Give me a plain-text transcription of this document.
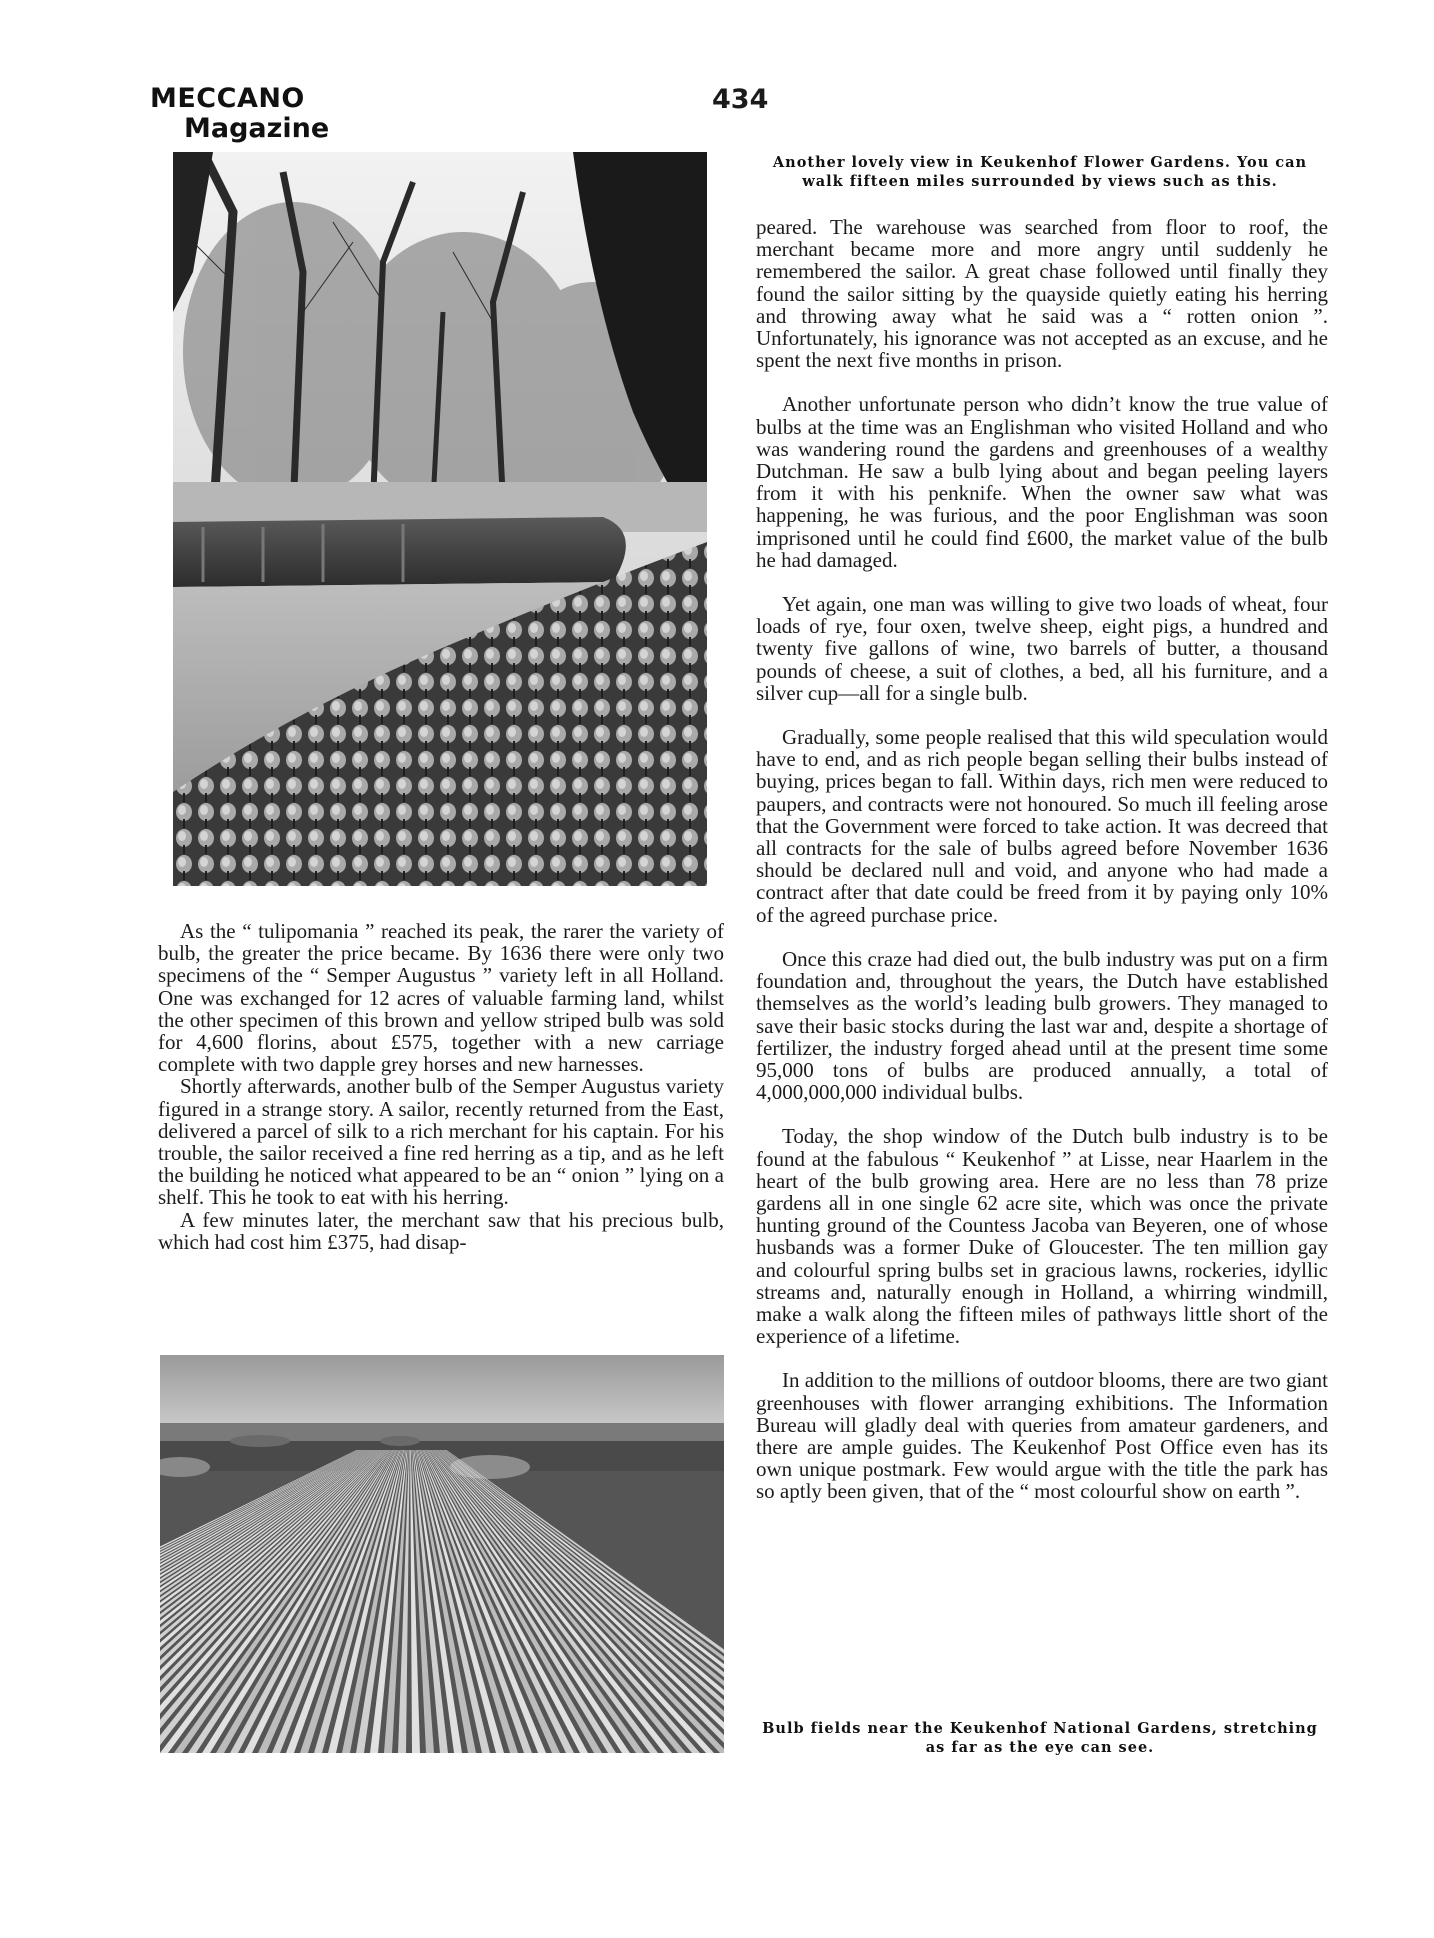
MECCANO
Magazine
434
Another lovely view in Keukenhof Flower Gardens. You can walk fifteen miles surrounded by views such as this.

As the “ tulipomania ” reached its peak, the rarer the variety of bulb, the greater the price became. By 1636 there were only two specimens of the “ Semper Augustus ” variety left in all Holland. One was exchanged for 12 acres of valuable farming land, whilst the other specimen of this brown and yellow striped bulb was sold for 4,600 florins, about £575, together with a new carriage complete with two dapple grey horses and new harnesses.

Shortly afterwards, another bulb of the Semper Augustus variety figured in a strange story. A sailor, recently returned from the East, delivered a parcel of silk to a rich merchant for his captain. For his trouble, the sailor received a fine red herring as a tip, and as he left the building he noticed what appeared to be an “ onion ” lying on a shelf. This he took to eat with his herring.

A few minutes later, the merchant saw that his precious bulb, which had cost him £375, had disap-

peared. The warehouse was searched from floor to roof, the merchant became more and more angry until suddenly he remembered the sailor. A great chase followed until finally they found the sailor sitting by the quayside quietly eating his herring and throwing away what he said was a “ rotten onion ”. Unfortunately, his ignorance was not accepted as an excuse, and he spent the next five months in prison.

Another unfortunate person who didn’t know the true value of bulbs at the time was an Englishman who visited Holland and who was wandering round the gardens and greenhouses of a wealthy Dutchman. He saw a bulb lying about and began peeling layers from it with his penknife. When the owner saw what was happening, he was furious, and the poor Englishman was soon imprisoned until he could find £600, the market value of the bulb he had damaged.

Yet again, one man was willing to give two loads of wheat, four loads of rye, four oxen, twelve sheep, eight pigs, a hundred and twenty five gallons of wine, two barrels of butter, a thousand pounds of cheese, a suit of clothes, a bed, all his furniture, and a silver cup—all for a single bulb.

Gradually, some people realised that this wild speculation would have to end, and as rich people began selling their bulbs instead of buying, prices began to fall. Within days, rich men were reduced to paupers, and contracts were not honoured. So much ill feeling arose that the Government were forced to take action. It was decreed that all contracts for the sale of bulbs agreed before November 1636 should be declared null and void, and anyone who had made a contract after that date could be freed from it by paying only 10% of the agreed purchase price.

Once this craze had died out, the bulb industry was put on a firm foundation and, throughout the years, the Dutch have established themselves as the world’s leading bulb growers. They managed to save their basic stocks during the last war and, despite a shortage of fertilizer, the industry forged ahead until at the present time some 95,000 tons of bulbs are produced annually, a total of 4,000,000,000 individual bulbs.

Today, the shop window of the Dutch bulb industry is to be found at the fabulous “ Keukenhof ” at Lisse, near Haarlem in the heart of the bulb growing area. Here are no less than 78 prize gardens all in one single 62 acre site, which was once the private hunting ground of the Countess Jacoba van Beyeren, one of whose husbands was a former Duke of Gloucester. The ten million gay and colourful spring bulbs set in gracious lawns, rockeries, idyllic streams and, naturally enough in Holland, a whirring windmill, make a walk along the fifteen miles of pathways little short of the experience of a lifetime.

In addition to the millions of outdoor blooms, there are two giant greenhouses with flower arranging exhibitions. The Information Bureau will gladly deal with queries from amateur gardeners, and there are ample guides. The Keukenhof Post Office even has its own unique postmark. Few would argue with the title the park has so aptly been given, that of the “ most colourful show on earth ”.

Bulb fields near the Keukenhof National Gardens, stretching as far as the eye can see.
